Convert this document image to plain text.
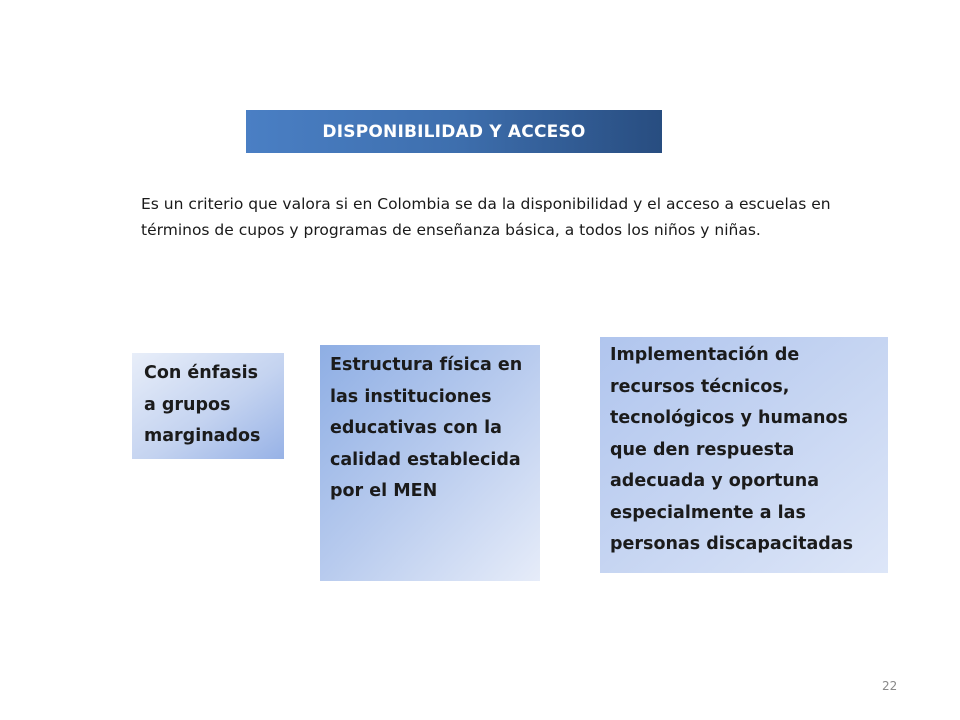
DISPONIBILIDAD Y ACCESO
Es un criterio que valora si en Colombia se da la disponibilidad y el acceso a escuelas en términos de cupos y programas de enseñanza básica, a todos los niños y niñas.
Con énfasis a grupos marginados
Estructura física en las instituciones educativas con la calidad establecida por el MEN
Implementación de recursos técnicos, tecnológicos y humanos que den respuesta adecuada y oportuna especialmente a las personas discapacitadas
22
